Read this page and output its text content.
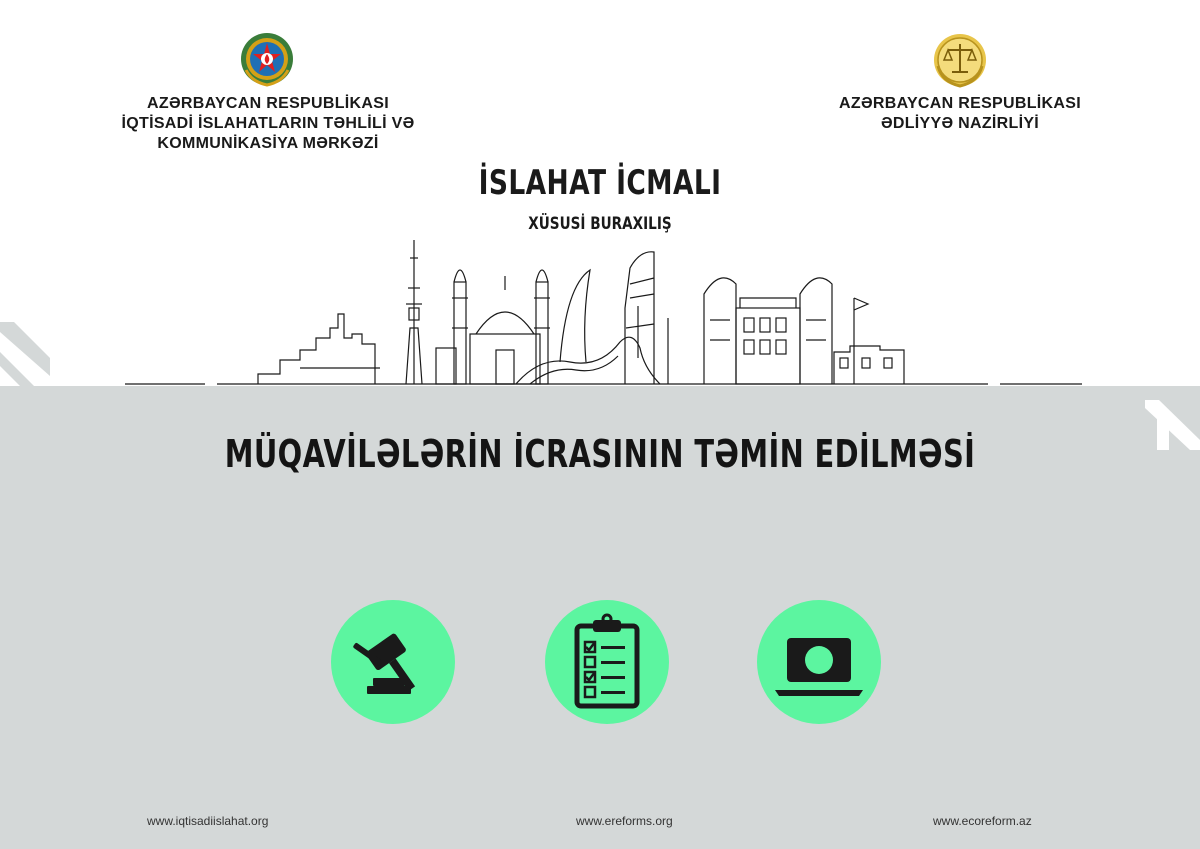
AZƏRBAYCAN RESPUBLİKASI
İQTİSADİ İSLAHATLARIN TƏHLİLİ VƏ
KOMMUNİKASİYA MƏRKƏZİ
AZƏRBAYCAN RESPUBLİKASI
ƏDLİYYƏ NAZİRLİYİ
İSLAHAT İCMALI
XÜSUSİ BURAXILIŞ
MÜQAVİLƏLƏRİN İCRASININ TƏMİN EDİLMƏSİ
www.iqtisadiislahat.org	www.ereforms.org	www.ecoreform.az
